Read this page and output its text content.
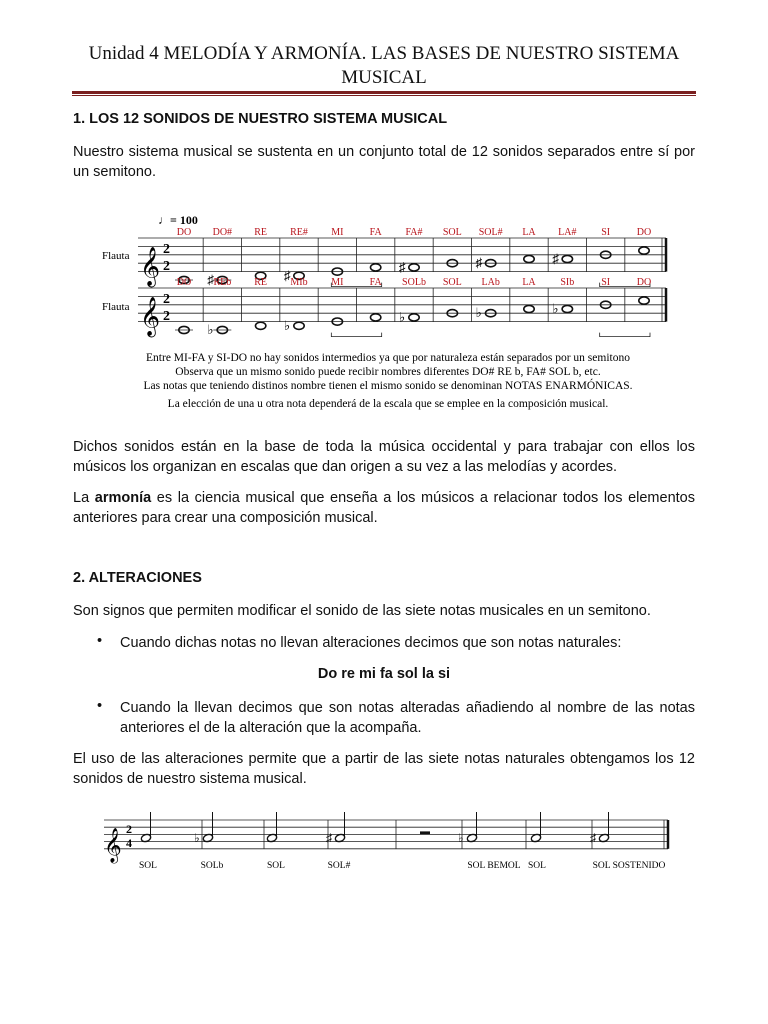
Unidad 4 MELODÍA Y ARMONÍA. LAS BASES DE NUESTRO SISTEMA MUSICAL
1. LOS 12 SONIDOS DE NUESTRO SISTEMA MUSICAL
Nuestro sistema musical se sustenta en un conjunto total de 12 sonidos separados entre sí por un semitono.
♩= 100
𝄞 2
2
DO DO#
♯
RE RE#
♯
MI	FA FA#
♯
SOL SOL#
♯
LA LA#
♯
SI	DO
𝄞 2
2
DO REb
♭
RE MIb
♭
MI	FA SOLb
♭
SOL LAb
♭
LA SIb
♭
SI	DO
Flauta
Flauta
Entre MI-FA y SI-DO no hay sonidos intermedios ya que por naturaleza están separados por un semitono
Observa que un mismo sonido puede recibir nombres diferentes DO# RE b, FA# SOL b, etc.
Las notas que teniendo distinos nombre tienen el mismo sonido se denominan NOTAS ENARMÓNICAS.
La elección de una u otra nota dependerá de la escala que se emplee en la composición musical.
Dichos sonidos están en la base de toda la música occidental y para trabajar con ellos los músicos los organizan en escalas que dan origen a su vez a las melodías y acordes.
La armonía es la ciencia musical que enseña a los músicos a relacionar todos los elementos anteriores para crear una composición musical.
2. ALTERACIONES
Son signos que permiten modificar el sonido de las siete notas musicales en un semitono.
• Cuando dichas notas no llevan alteraciones decimos que son notas naturales:
Do re mi fa sol la si
• Cuando la llevan decimos que son notas alteradas añadiendo al nombre de las notas anteriores el de la alteración que la acompaña.
El uso de las alteraciones permite que a partir de las siete notas naturales obtengamos los 12 sonidos de nuestro sistema musical.
𝄞 2
4	♭	♯	♭	♯
SOL	SOLb	SOL	SOL#	SOL BEMOL SOL	SOL SOSTENIDO
